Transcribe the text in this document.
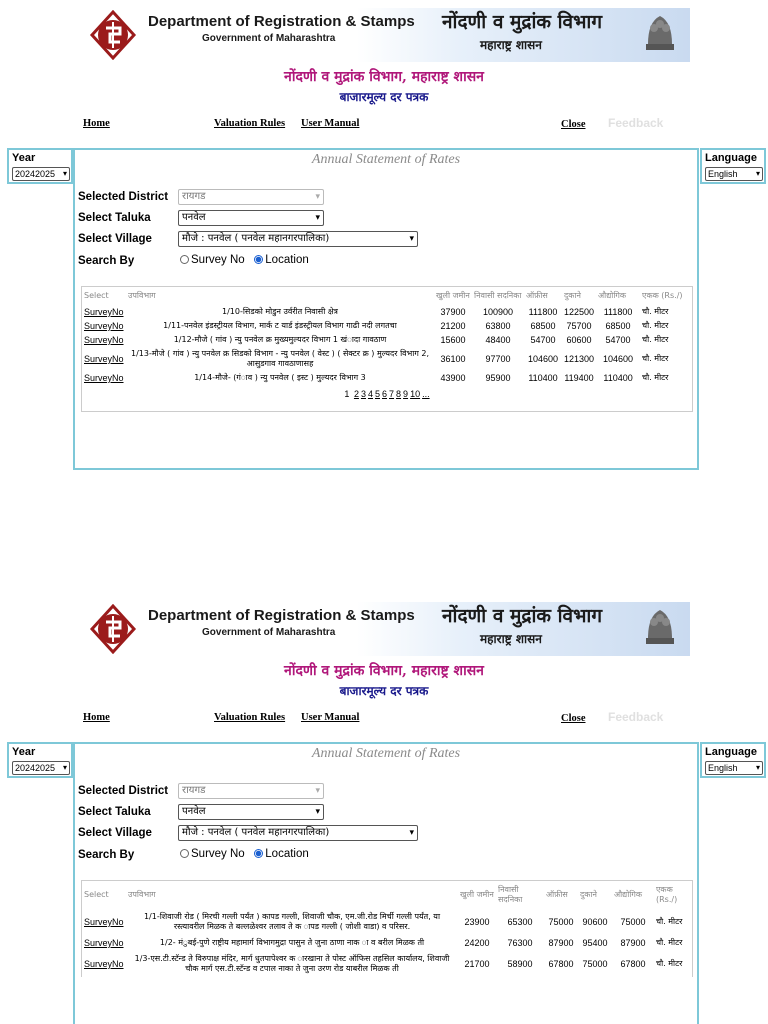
Department of Registration & Stamps
Government of Maharashtra
नोंदणी व मुद्रांक विभाग
महाराष्ट्र शासन
नोंदणी व मुद्रांक विभाग, महाराष्ट्र शासन
बाजारमूल्य दर पत्रक
Home	Valuation Rules User Manual	Close Feedback
Year
20242025 ▾
Language
English ▾
Annual Statement of Rates
Selected District	रायगड	▾
Select Taluka	पनवेल	▾
Select Village	मौजे : पनवेल ( पनवेल महानगरपालिका)	▾
Search By	Survey No Location
Select	उपविभाग	खुली जमीन	निवासी सदनिका	ऑफ़ीस	दुकाने	औद्योगिक	एकक (Rs./)
SurveyNo	1/10-सिडको मोडुन उर्वरीत निवासी क्षेत्र	37900	100900	111800	122500	111800	चौ. मीटर
SurveyNo	1/11-पनवेल इंडस्ट्रीयल विभाग, मार्क ट यार्ड इंडस्ट्रीयल विभाग गाढी नदी लगतचा	21200	63800	68500	75700	68500	चौ. मीटर
SurveyNo	1/12-मौजे ( गांव ) न्यु पनवेल क्र मुख्यमुल्यदर विभाग 1 खंादा गावठाण	15600	48400	54700	60600	54700	चौ. मीटर
SurveyNo	1/13-मौजे ( गांव ) न्यु पनवेल क्र सिडको विभाग - न्यु पनवेल ( वेस्ट ) ( सेक्टर क्र ) मुल्यदर विभाग 2, आसुडगाव गावठाणासह	36100	97700	104600	121300	104600	चौ. मीटर
SurveyNo	1/14-मौजे- (गंाव ) न्यु पनवेल ( इस्ट ) मुल्यदर विभाग 3	43900	95900	110400	119400	110400	चौ. मीटर
1 2 3 4 5 6 7 8 9 10 ...
Department of Registration & Stamps
Government of Maharashtra
नोंदणी व मुद्रांक विभाग
महाराष्ट्र शासन
नोंदणी व मुद्रांक विभाग, महाराष्ट्र शासन
बाजारमूल्य दर पत्रक
Home	Valuation Rules User Manual	Close Feedback
Year
20242025 ▾
Language
English ▾
Annual Statement of Rates
Selected District	रायगड	▾
Select Taluka	पनवेल	▾
Select Village	मौजे : पनवेल ( पनवेल महानगरपालिका)	▾
Search By	Survey No Location
Select	उपविभाग	खुली जमीन	निवासी सदनिका	ऑफ़ीस	दुकाने	औद्योगिक	एकक (Rs./)
SurveyNo	1/1-शिवाजी रोड ( मिरची गल्ली पर्यंत ) कापड गल्ली, शिवाजी चौक, एम.जी.रोड मिर्ची गल्ली पर्यंत, या रस्त्यावरील मिळक ते बल्लळेश्वर तलाव ते क ापड गल्ली ( जोशी वाडा) व परिसर.	23900	65300	75000	90600	75000	चौ. मीटर
SurveyNo	1/2- मंुबई-पुणे राष्ट्रीय महामार्ग विभागमुद्रा पासुन ते जुना ठाणा नाक ा व बरील मिळक ती	24200	76300	87900	95400	87900	चौ. मीटर
SurveyNo	1/3-एस.टी.स्टॅन्ड ते विरुपाक्ष मंदिर, मार्ग धुतपापेश्वर क ारखाना ते पोस्ट ऑफिस तहसिल कार्यालय, शिवाजी चौक मार्ग एस.टी.स्टॅन्ड व टपाल नाका ते जुना उरण रोड याबरील मिळक ती	21700	58900	67800	75000	67800	चौ. मीटर
